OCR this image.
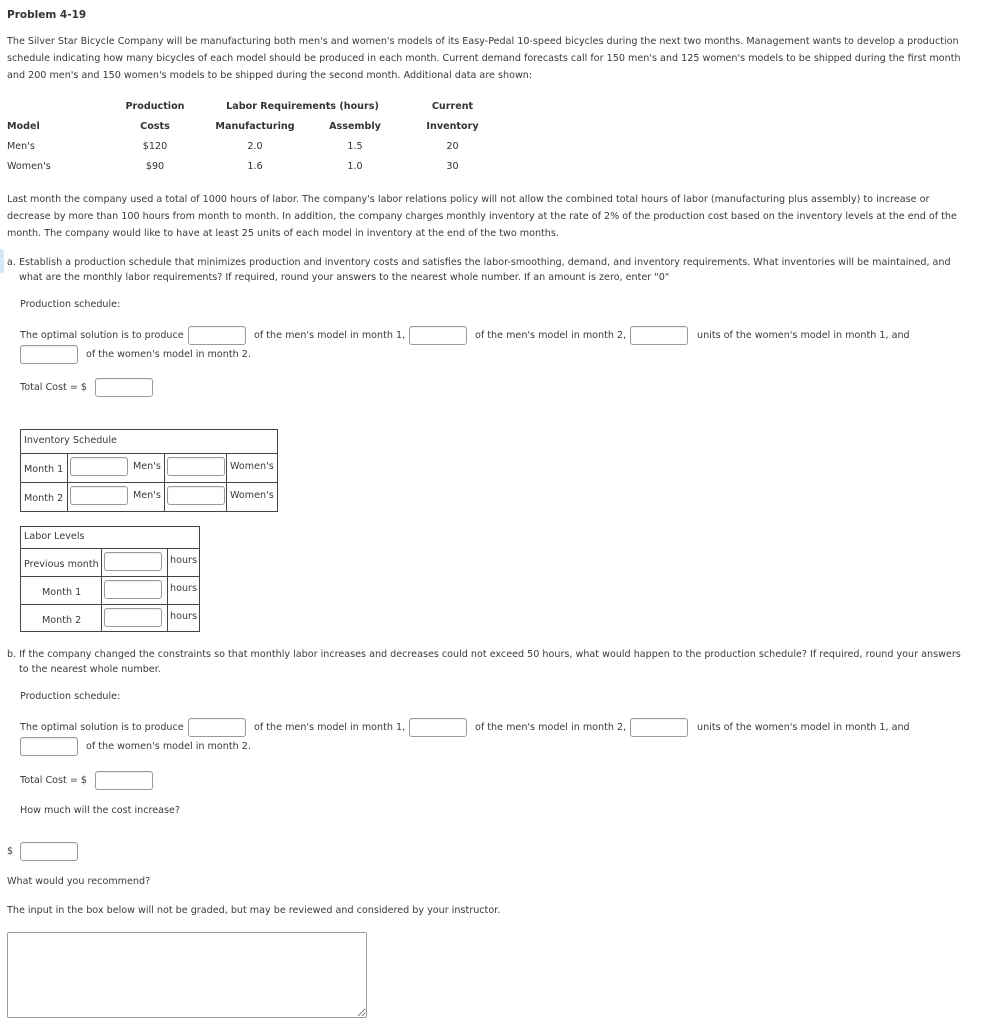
Problem 4-19
The Silver Star Bicycle Company will be manufacturing both men's and women's models of its Easy-Pedal 10-speed bicycles during the next two months. Management wants to develop a production
schedule indicating how many bicycles of each model should be produced in each month. Current demand forecasts call for 150 men's and 125 women's models to be shipped during the first month
and 200 men's and 150 women's models to be shipped during the second month. Additional data are shown:
Production	Labor Requirements (hours)	Current
Model	Costs	Manufacturing	Assembly	Inventory
Men's	$120	2.0	1.5	20
Women's	$90	1.6	1.0	30
Last month the company used a total of 1000 hours of labor. The company's labor relations policy will not allow the combined total hours of labor (manufacturing plus assembly) to increase or
decrease by more than 100 hours from month to month. In addition, the company charges monthly inventory at the rate of 2% of the production cost based on the inventory levels at the end of the
month. The company would like to have at least 25 units of each model in inventory at the end of the two months.
a. Establish a production schedule that minimizes production and inventory costs and satisfies the labor-smoothing, demand, and inventory requirements. What inventories will be maintained, and
what are the monthly labor requirements? If required, round your answers to the nearest whole number. If an amount is zero, enter "0"
Production schedule:
The optimal solution is to produce	of the men's model in month 1,	of the men's model in month 2,	units of the women's model in month 1, and
of the women's model in month 2.
Total Cost = $
Inventory Schedule
Month 1	Men's	Women's
Month 2	Men's	Women's
Labor Levels
Previous month	hours
Month 1	hours
Month 2	hours
b. If the company changed the constraints so that monthly labor increases and decreases could not exceed 50 hours, what would happen to the production schedule? If required, round your answers
to the nearest whole number.
Production schedule:
The optimal solution is to produce	of the men's model in month 1,	of the men's model in month 2,	units of the women's model in month 1, and
of the women's model in month 2.
Total Cost = $
How much will the cost increase?
$
What would you recommend?
The input in the box below will not be graded, but may be reviewed and considered by your instructor.
